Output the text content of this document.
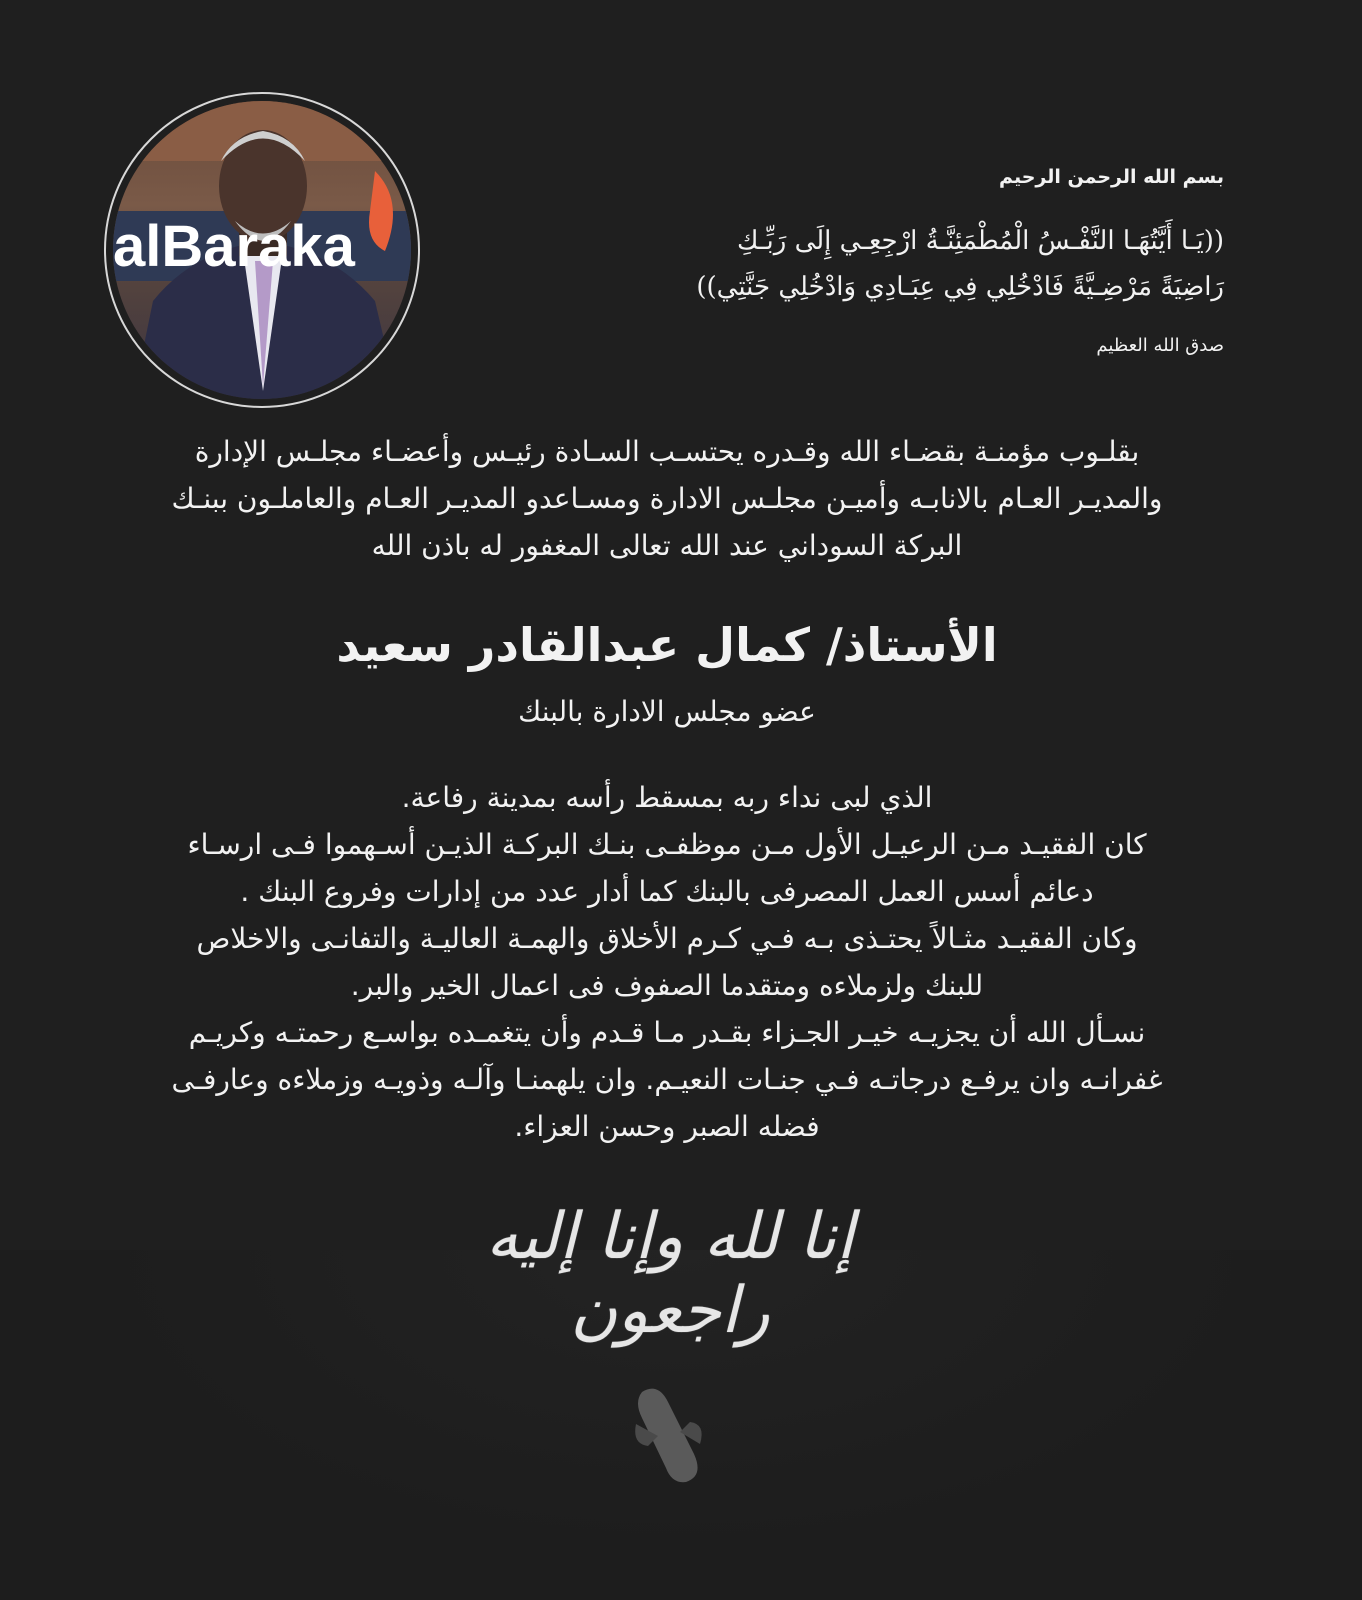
alBaraka
بسم الله الرحمن الرحيم
((يَـا أَيَّتُهَـا النَّفْـسُ الْمُطْمَئِنَّـةُ ارْجِعِـي إِلَى رَبِّـكِ
رَاضِيَةً مَرْضِـيَّةً فَادْخُلِي فِي عِبَـادِي وَادْخُلِي جَنَّتِي))
صدق الله العظيم
بقلـوب مؤمنـة بقضـاء الله وقـدره يحتسـب السـادة رئيـس وأعضـاء مجلـس الإدارة
والمديـر العـام بالانابـه وأميـن مجلـس الادارة ومسـاعدو المديـر العـام والعاملـون ببنـك
البركة السوداني عند الله تعالى المغفور له باذن الله
الأستاذ/ كمال عبدالقادر سعيد
عضو مجلس الادارة بالبنك
الذي لبى نداء ربه بمسقط رأسه بمدينة رفاعة.
كان الفقيـد مـن الرعيـل الأول مـن موظفـى بنـك البركـة الذيـن أسـهموا فـى ارسـاء
دعائم أسس العمل المصرفى بالبنك كما أدار عدد من إدارات وفروع البنك .
وكان الفقيـد مثـالاً يحتـذى بـه فـي كـرم الأخلاق والهمـة العاليـة والتفانـى والاخلاص
للبنك ولزملاءه ومتقدما الصفوف فى اعمال الخير والبر.
نسـأل الله أن يجزيـه خيـر الجـزاء بقـدر مـا قـدم وأن يتغمـده بواسـع رحمتـه وكريـم
غفرانـه وان يرفـع درجاتـه فـي جنـات النعيـم. وان يلهمنـا وآلـه وذويـه وزملاءه وعارفـى
فضله الصبر وحسن العزاء.
إنا لله وإنا إليه راجعون
